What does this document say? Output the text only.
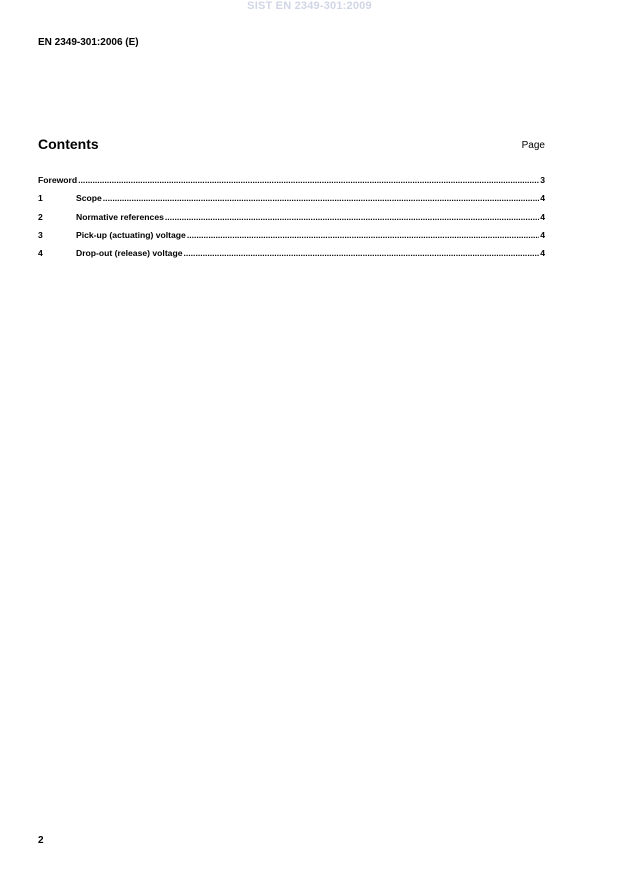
SIST EN 2349-301:2009
EN 2349-301:2006 (E)
Contents	Page
Foreword .....	3
1	Scope .....	4
2	Normative references .....	4
3	Pick-up (actuating) voltage .....	4
4	Drop-out (release) voltage .....	4
2
